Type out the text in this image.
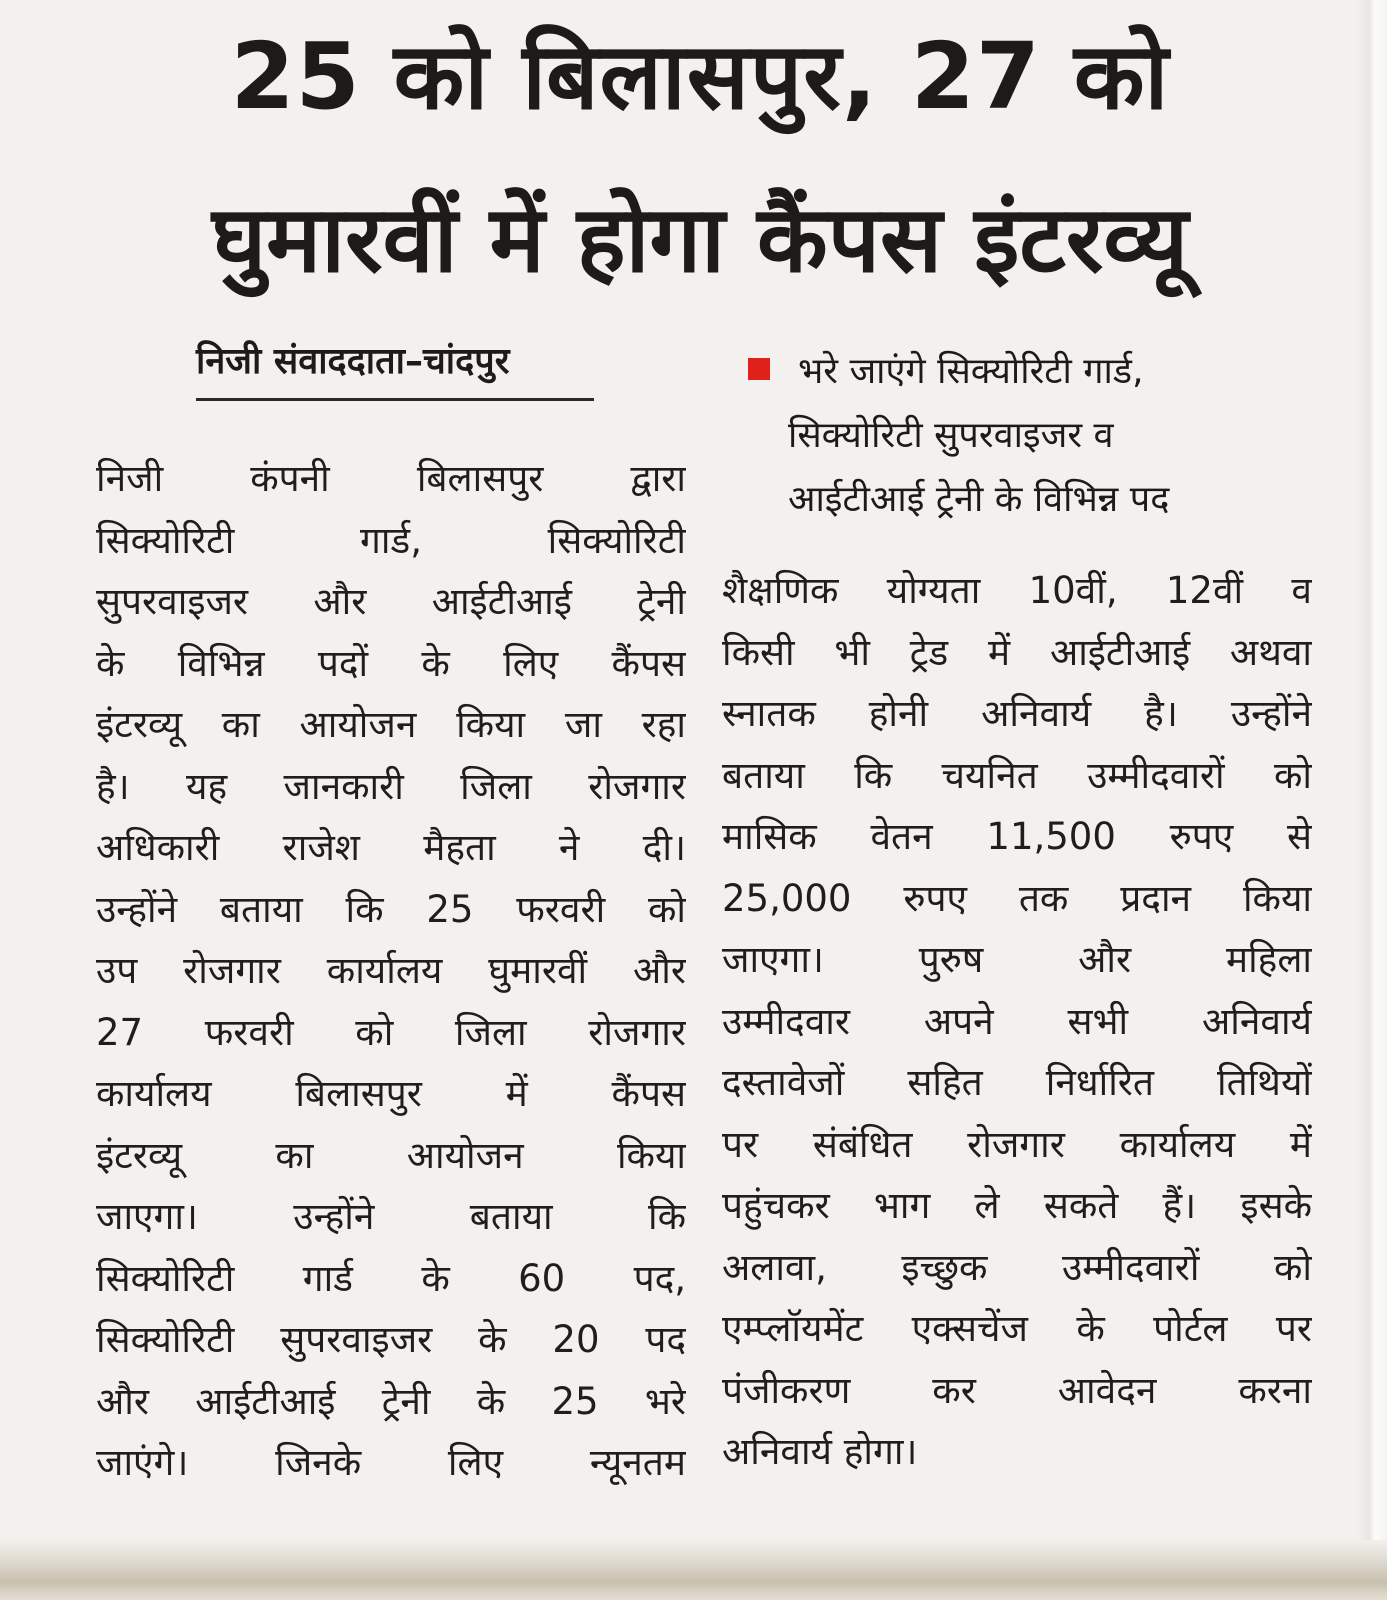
25 को बिलासपुर, 27 को
घुमारवीं में होगा कैंपस इंटरव्यू
निजी संवाददाता–चांदपुर	भरे जाएंगे सिक्योरिटी गार्ड,
सिक्योरिटी सुपरवाइजर व
आईटीआई ट्रेनी के विभिन्न पद
निजी कंपनी बिलासपुर द्वारा
सिक्योरिटी गार्ड, सिक्योरिटी
सुपरवाइजर और आईटीआई ट्रेनी
के विभिन्न पदों के लिए कैंपस
इंटरव्यू का आयोजन किया जा रहा
है। यह जानकारी जिला रोजगार
अधिकारी राजेश मैहता ने दी।
उन्होंने बताया कि 25 फरवरी को
उप रोजगार कार्यालय घुमारवीं और
27 फरवरी को जिला रोजगार
कार्यालय बिलासपुर में कैंपस
इंटरव्यू का आयोजन किया
जाएगा। उन्होंने बताया कि
सिक्योरिटी गार्ड के 60 पद,
सिक्योरिटी सुपरवाइजर के 20 पद
और आईटीआई ट्रेनी के 25 भरे
जाएंगे। जिनके लिए न्यूनतम
शैक्षणिक योग्यता 10वीं, 12वीं व
किसी भी ट्रेड में आईटीआई अथवा
स्नातक होनी अनिवार्य है। उन्होंने
बताया कि चयनित उम्मीदवारों को
मासिक वेतन 11,500 रुपए से
25,000 रुपए तक प्रदान किया
जाएगा। पुरुष और महिला
उम्मीदवार अपने सभी अनिवार्य
दस्तावेजों सहित निर्धारित तिथियों
पर संबंधित रोजगार कार्यालय में
पहुंचकर भाग ले सकते हैं। इसके
अलावा, इच्छुक उम्मीदवारों को
एम्प्लॉयमेंट एक्सचेंज के पोर्टल पर
पंजीकरण कर आवेदन करना
अनिवार्य होगा।
